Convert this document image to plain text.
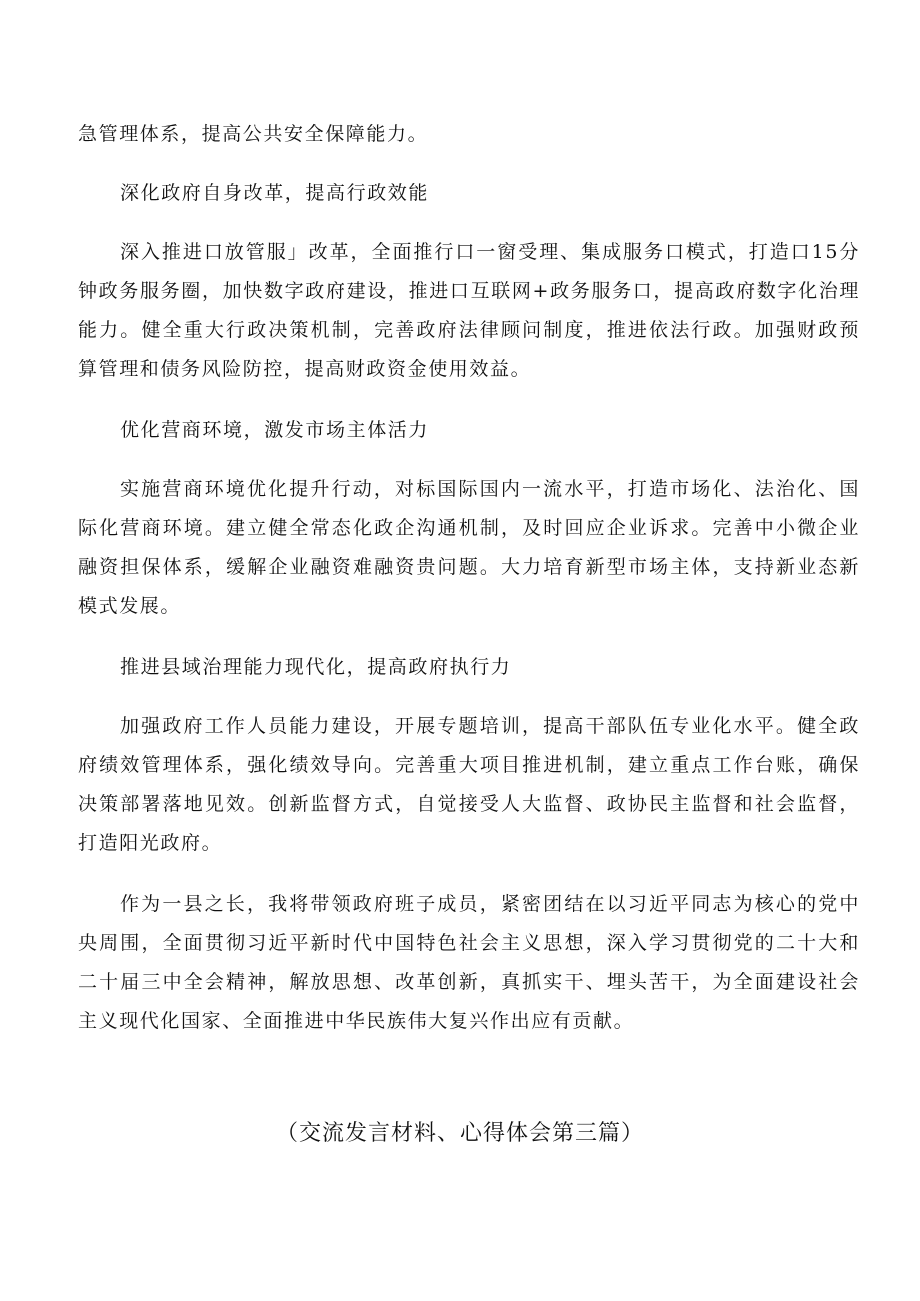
急管理体系，提高公共安全保障能力。

深化政府自身改革，提高行政效能

深入推进口放管服」改革，全面推行口一窗受理、集成服务口模式，打造口15分钟政务服务圈，加快数字政府建设，推进口互联网+政务服务口，提高政府数字化治理能力。健全重大行政决策机制，完善政府法律顾问制度，推进依法行政。加强财政预算管理和债务风险防控，提高财政资金使用效益。

优化营商环境，激发市场主体活力

实施营商环境优化提升行动，对标国际国内一流水平，打造市场化、法治化、国际化营商环境。建立健全常态化政企沟通机制，及时回应企业诉求。完善中小微企业融资担保体系，缓解企业融资难融资贵问题。大力培育新型市场主体，支持新业态新模式发展。

推进县域治理能力现代化，提高政府执行力

加强政府工作人员能力建设，开展专题培训，提高干部队伍专业化水平。健全政府绩效管理体系，强化绩效导向。完善重大项目推进机制，建立重点工作台账，确保决策部署落地见效。创新监督方式，自觉接受人大监督、政协民主监督和社会监督，打造阳光政府。

作为一县之长，我将带领政府班子成员，紧密团结在以习近平同志为核心的党中央周围，全面贯彻习近平新时代中国特色社会主义思想，深入学习贯彻党的二十大和二十届三中全会精神，解放思想、改革创新，真抓实干、埋头苦干，为全面建设社会主义现代化国家、全面推进中华民族伟大复兴作出应有贡献。

（交流发言材料、心得体会第三篇）
